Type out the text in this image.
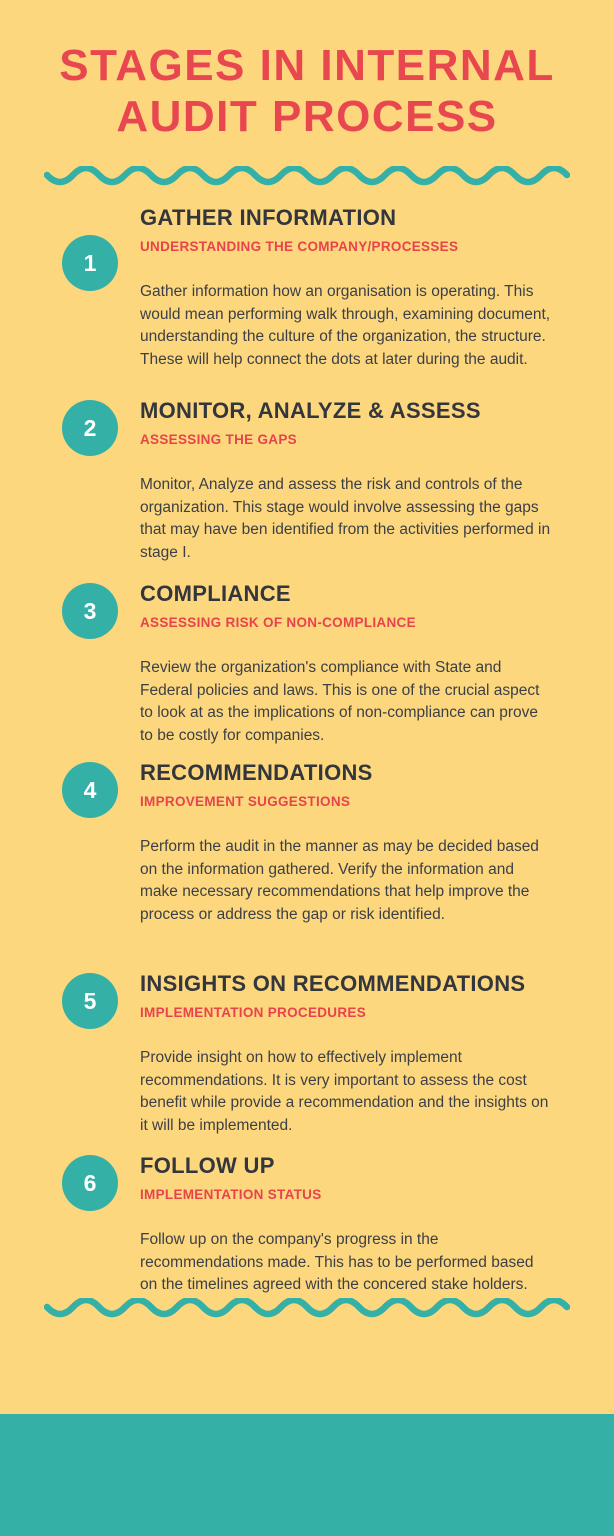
STAGES IN INTERNAL AUDIT PROCESS
1
GATHER INFORMATION
UNDERSTANDING THE COMPANY/PROCESSES

Gather information how an organisation is operating. This would mean performing walk through, examining document, understanding the culture of the organization, the structure. These will help connect the dots at later during the audit.

2
MONITOR, ANALYZE & ASSESS
ASSESSING THE GAPS

Monitor, Analyze and assess the risk and controls of the organization. This stage would involve assessing the gaps that may have ben identified from the activities performed in stage I.

3
COMPLIANCE
ASSESSING RISK OF NON-COMPLIANCE

Review the organization's compliance with State and Federal policies and laws. This is one of the crucial aspect to look at as the implications of non-compliance can prove to be costly for companies.

4
RECOMMENDATIONS
IMPROVEMENT SUGGESTIONS

Perform the audit in the manner as may be decided based on the information gathered. Verify the information and make necessary recommendations that help improve the process or address the gap or risk identified.

5
INSIGHTS ON RECOMMENDATIONS
IMPLEMENTATION PROCEDURES

Provide insight on how to effectively implement recommendations. It is very important to assess the cost benefit while provide a recommendation and the insights on it will be implemented.

6
FOLLOW UP
IMPLEMENTATION STATUS

Follow up on the company's progress in the recommendations made. This has to be performed based on the timelines agreed with the concered stake holders.
